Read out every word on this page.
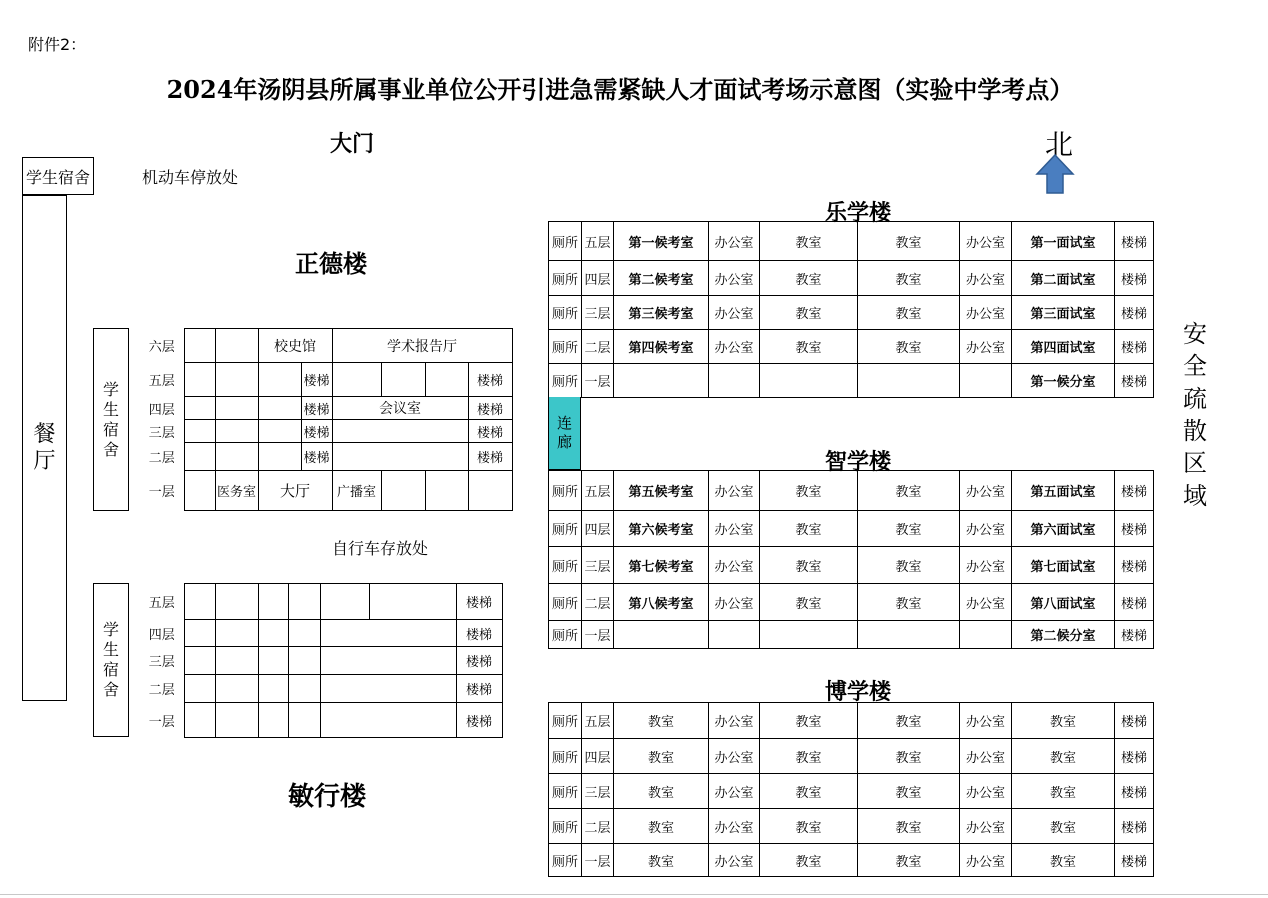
附件2：
2024年汤阴县所属事业单位公开引进急需紧缺人才面试考场示意图（实验中学考点）
大门	北
学生宿舍	机动车停放处
餐
厅
正德楼
学
生
宿
舍
六层			校史馆		学术报告厅			
五层				楼梯				楼梯
四层				楼梯	会议室			楼梯
三层				楼梯				楼梯
二层				楼梯				楼梯
一层		医务室	大厅		广播室			
自行车存放处
学
生
宿
舍
五层							楼梯
四层							楼梯
三层							楼梯
二层							楼梯
一层							楼梯
敏行楼
乐学楼
厕所	五层	第一候考室	办公室	教室	教室	办公室	第一面试室	楼梯
厕所	四层	第二候考室	办公室	教室	教室	办公室	第二面试室	楼梯
厕所	三层	第三候考室	办公室	教室	教室	办公室	第三面试室	楼梯
厕所	二层	第四候考室	办公室	教室	教室	办公室	第四面试室	楼梯
厕所	一层						第一候分室	楼梯
连
廊
智学楼
厕所	五层	第五候考室	办公室	教室	教室	办公室	第五面试室	楼梯
厕所	四层	第六候考室	办公室	教室	教室	办公室	第六面试室	楼梯
厕所	三层	第七候考室	办公室	教室	教室	办公室	第七面试室	楼梯
厕所	二层	第八候考室	办公室	教室	教室	办公室	第八面试室	楼梯
厕所	一层						第二候分室	楼梯
博学楼
厕所	五层	教室	办公室	教室	教室	办公室	教室	楼梯
厕所	四层	教室	办公室	教室	教室	办公室	教室	楼梯
厕所	三层	教室	办公室	教室	教室	办公室	教室	楼梯
厕所	二层	教室	办公室	教室	教室	办公室	教室	楼梯
厕所	一层	教室	办公室	教室	教室	办公室	教室	楼梯
安
全
疏
散
区
域
